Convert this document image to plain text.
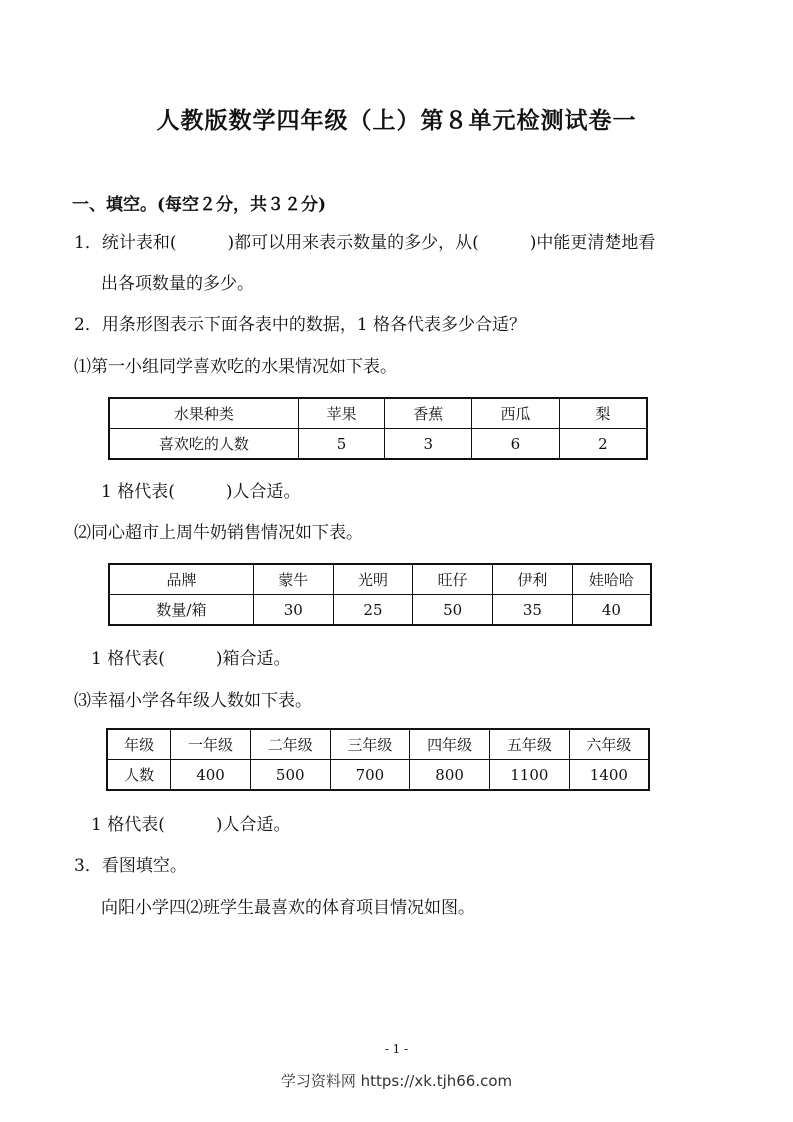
人教版数学四年级（上）第８单元检测试卷一
一、填空。(每空２分，共３２分)
1．统计表和(　　　)都可以用来表示数量的多少，从(　　　)中能更清楚地看
出各项数量的多少。
2．用条形图表示下面各表中的数据，1 格各代表多少合适？
⑴第一小组同学喜欢吃的水果情况如下表。
水果种类	苹果	香蕉	西瓜	梨
喜欢吃的人数	5	3	6	2
1 格代表(　　　)人合适。
⑵同心超市上周牛奶销售情况如下表。
品牌	蒙牛	光明	旺仔	伊利	娃哈哈
数量/箱	30	25	50	35	40
1 格代表(　　　)箱合适。
⑶幸福小学各年级人数如下表。
年级	一年级	二年级	三年级	四年级	五年级	六年级
人数	400	500	700	800	1100	1400
1 格代表(　　　)人合适。
3．看图填空。
向阳小学四⑵班学生最喜欢的体育项目情况如图。
- 1 -
学习资料网 https://xk.tjh66.com
